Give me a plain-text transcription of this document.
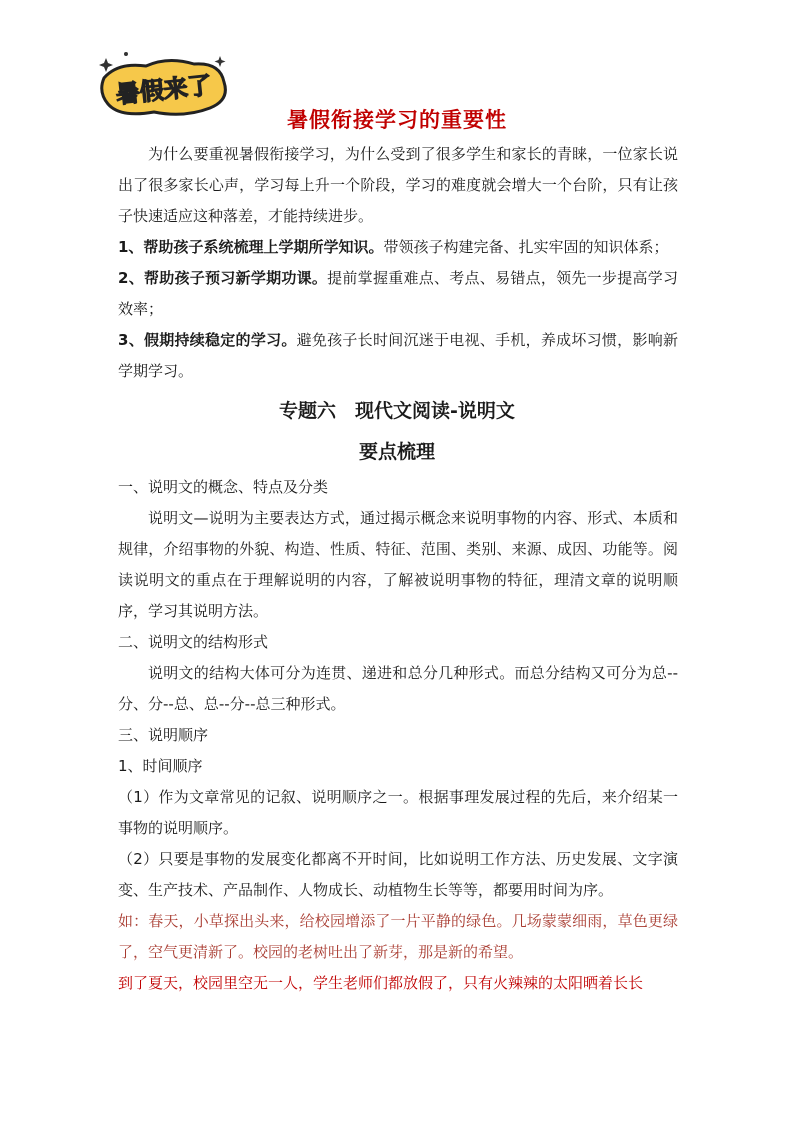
暑假来了
暑假衔接学习的重要性

为什么要重视暑假衔接学习，为什么受到了很多学生和家长的青睐，一位家长说出了很多家长心声，学习每上升一个阶段，学习的难度就会增大一个台阶，只有让孩子快速适应这种落差，才能持续进步。

1、帮助孩子系统梳理上学期所学知识。带领孩子构建完备、扎实牢固的知识体系；

2、帮助孩子预习新学期功课。提前掌握重难点、考点、易错点，领先一步提高学习效率；

3、假期持续稳定的学习。避免孩子长时间沉迷于电视、手机，养成坏习惯，影响新学期学习。

专题六　现代文阅读-说明文
要点梳理

一、说明文的概念、特点及分类

说明文—说明为主要表达方式，通过揭示概念来说明事物的内容、形式、本质和规律，介绍事物的外貌、构造、性质、特征、范围、类别、来源、成因、功能等。阅读说明文的重点在于理解说明的内容，了解被说明事物的特征，理清文章的说明顺序，学习其说明方法。

二、说明文的结构形式

说明文的结构大体可分为连贯、递进和总分几种形式。而总分结构又可分为总--分、分--总、总--分--总三种形式。

三、说明顺序

1、时间顺序

（1）作为文章常见的记叙、说明顺序之一。根据事理发展过程的先后，来介绍某一事物的说明顺序。

（2）只要是事物的发展变化都离不开时间，比如说明工作方法、历史发展、文字演变、生产技术、产品制作、人物成长、动植物生长等等，都要用时间为序。

如：春天，小草探出头来，给校园增添了一片平静的绿色。几场蒙蒙细雨，草色更绿了，空气更清新了。校园的老树吐出了新芽，那是新的希望。

到了夏天，校园里空无一人，学生老师们都放假了，只有火辣辣的太阳晒着长长
